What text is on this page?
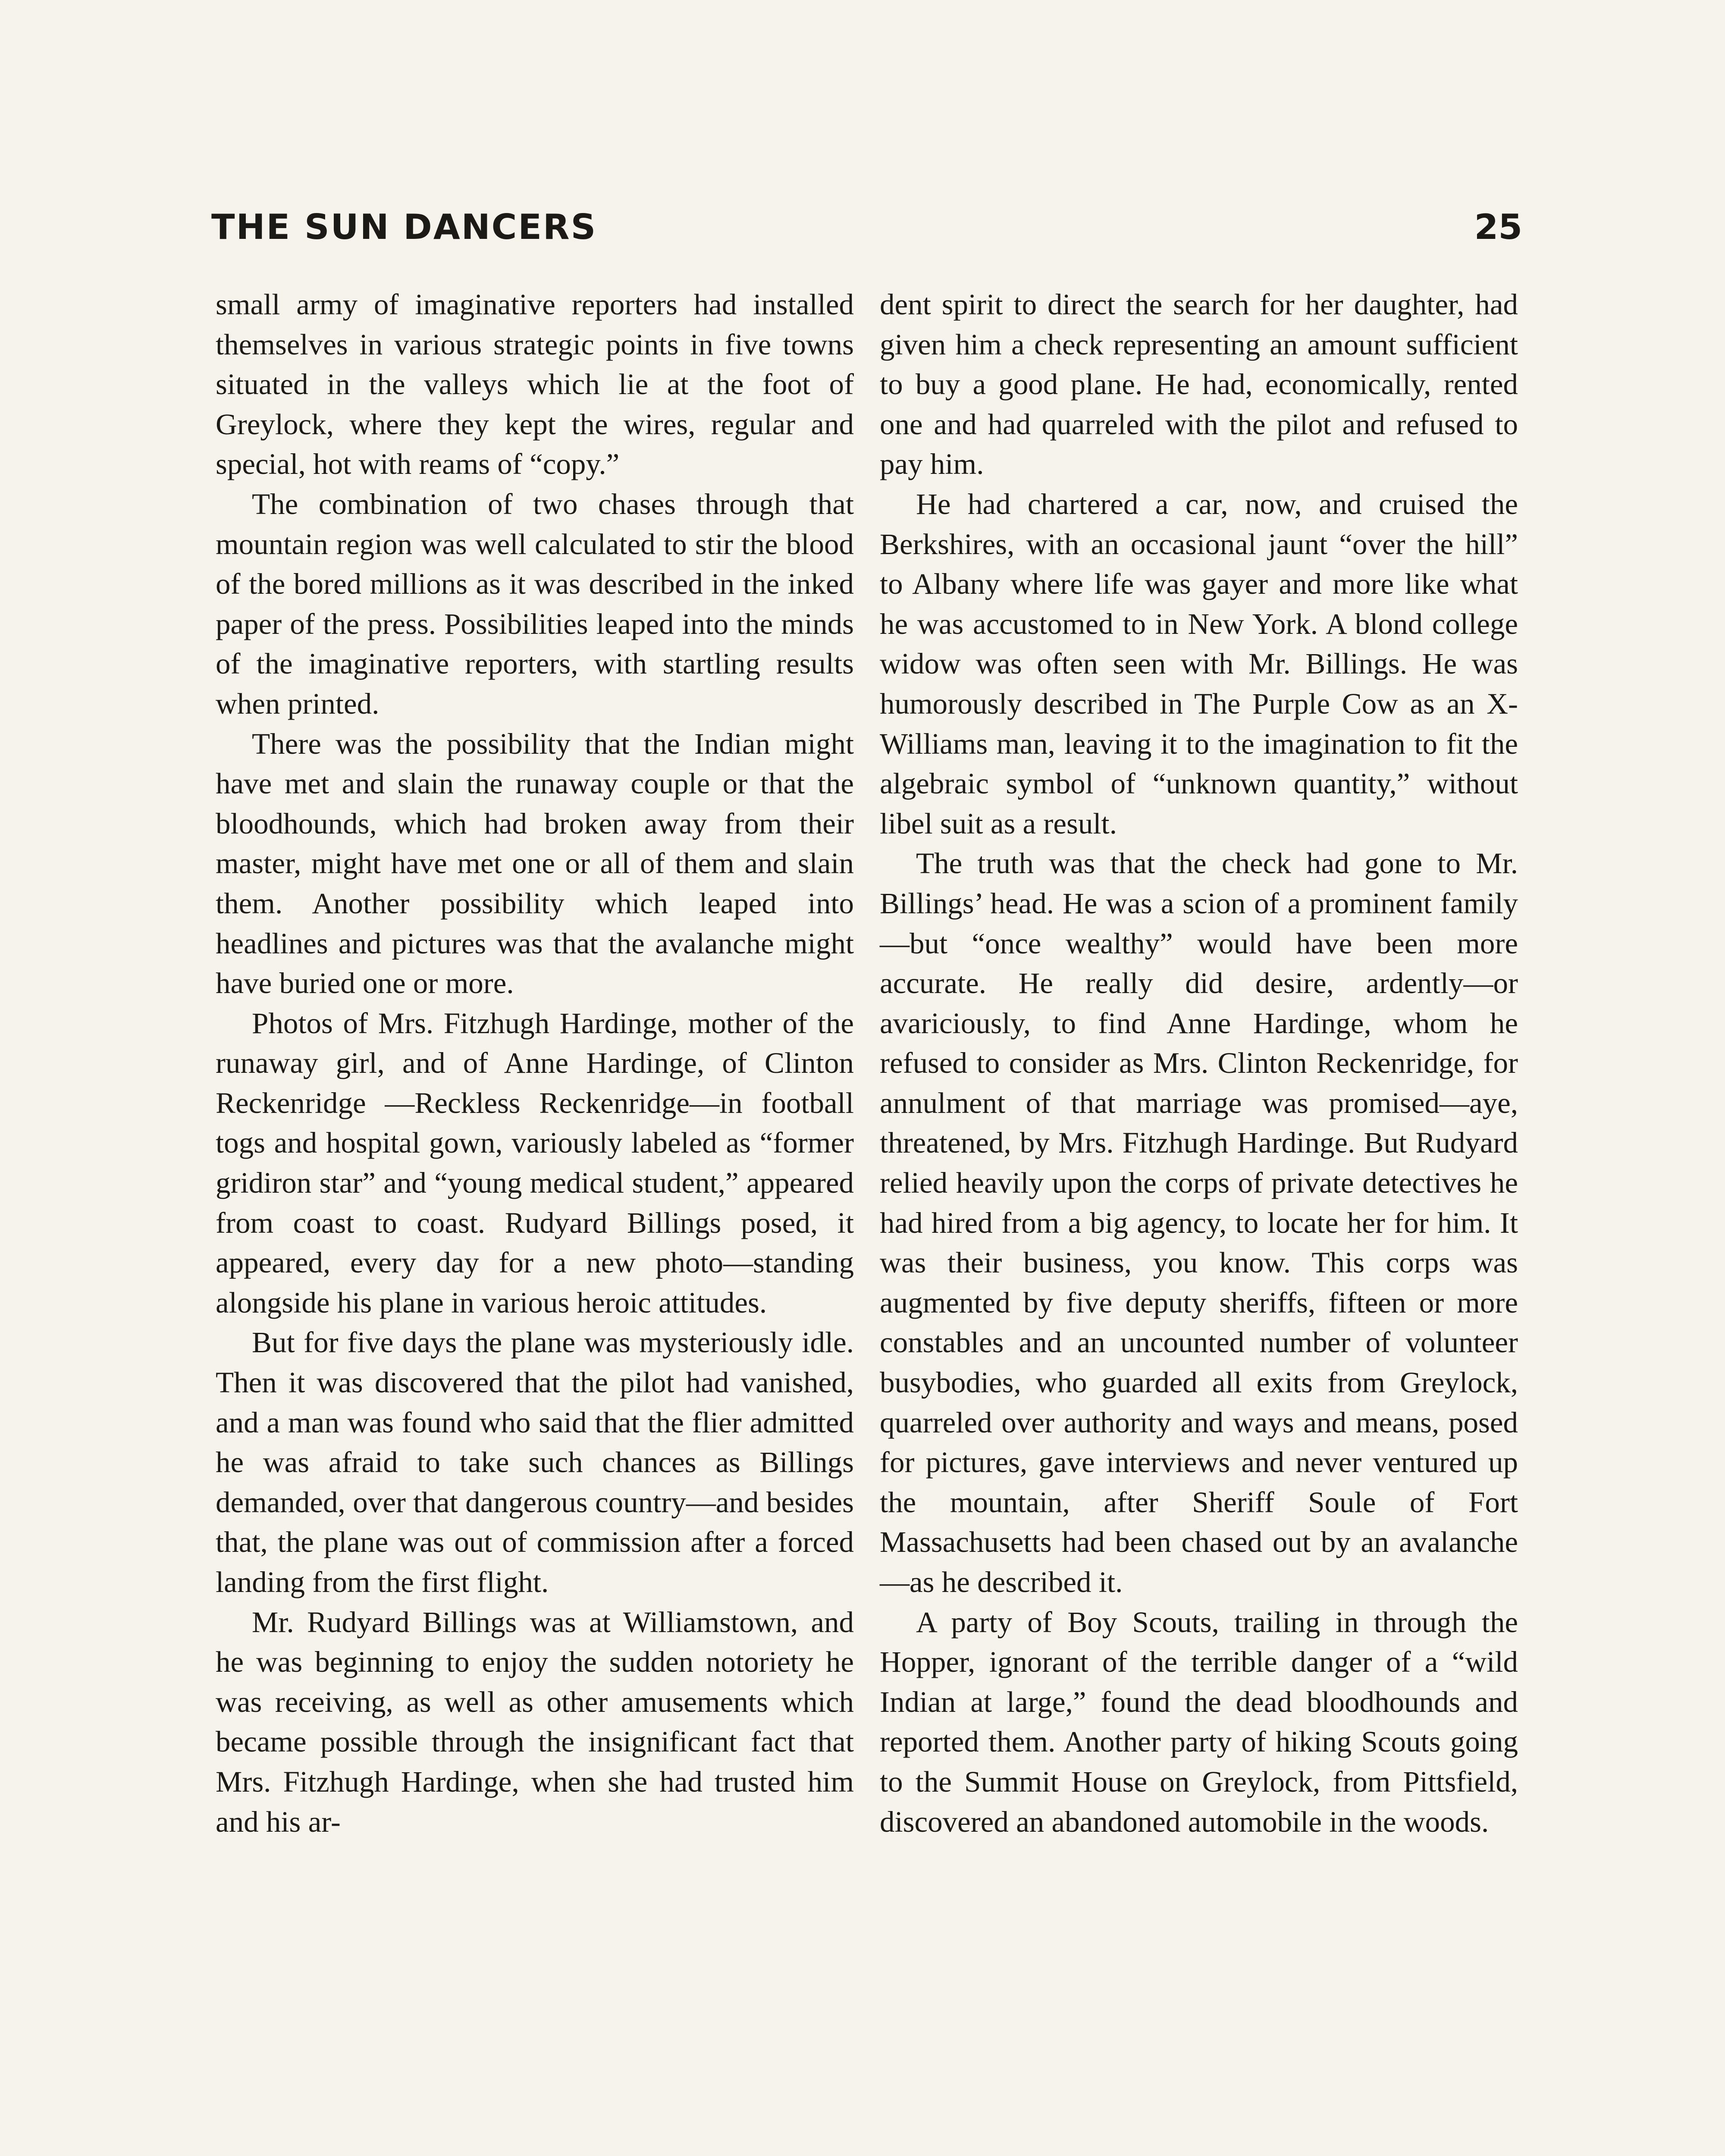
THE SUN DANCERS	25

small army of imaginative reporters had installed themselves in various strategic points in five towns situated in the valleys which lie at the foot of Greylock, where they kept the wires, regular and special, hot with reams of “copy.”

The combination of two chases through that mountain region was well calculated to stir the blood of the bored millions as it was described in the inked paper of the press. Possibilities leaped into the minds of the imaginative reporters, with startling results when printed.

There was the possibility that the Indian might have met and slain the runaway couple or that the bloodhounds, which had broken away from their master, might have met one or all of them and slain them. Another possibility which leaped into headlines and pictures was that the avalanche might have buried one or more.

Photos of Mrs. Fitzhugh Hardinge, mother of the runaway girl, and of Anne Hardinge, of Clinton Reckenridge —Reckless Reckenridge—in football togs and hospital gown, variously labeled as “former gridiron star” and “young medical student,” appeared from coast to coast. Rudyard Billings posed, it appeared, every day for a new photo—standing alongside his plane in various heroic attitudes.

But for five days the plane was mysteriously idle. Then it was discovered that the pilot had vanished, and a man was found who said that the flier admitted he was afraid to take such chances as Billings demanded, over that dangerous country—and besides that, the plane was out of commission after a forced landing from the first flight.

Mr. Rudyard Billings was at Williamstown, and he was beginning to enjoy the sudden notoriety he was receiving, as well as other amusements which became possible through the insignificant fact that Mrs. Fitzhugh Hardinge, when she had trusted him and his ar-

dent spirit to direct the search for her daughter, had given him a check representing an amount sufficient to buy a good plane. He had, economically, rented one and had quarreled with the pilot and refused to pay him.

He had chartered a car, now, and cruised the Berkshires, with an occasional jaunt “over the hill” to Albany where life was gayer and more like what he was accustomed to in New York. A blond college widow was often seen with Mr. Billings. He was humorously described in The Purple Cow as an X-Williams man, leaving it to the imagination to fit the algebraic symbol of “unknown quantity,” without libel suit as a result.

The truth was that the check had gone to Mr. Billings’ head. He was a scion of a prominent family—but “once wealthy” would have been more accurate. He really did desire, ardently—or avariciously, to find Anne Hardinge, whom he refused to consider as Mrs. Clinton Reckenridge, for annulment of that marriage was promised—aye, threatened, by Mrs. Fitzhugh Hardinge. But Rudyard relied heavily upon the corps of private detectives he had hired from a big agency, to locate her for him. It was their business, you know. This corps was augmented by five deputy sheriffs, fifteen or more constables and an uncounted number of volunteer busybodies, who guarded all exits from Greylock, quarreled over authority and ways and means, posed for pictures, gave interviews and never ventured up the mountain, after Sheriff Soule of Fort Massachusetts had been chased out by an avalanche—as he described it.

A party of Boy Scouts, trailing in through the Hopper, ignorant of the terrible danger of a “wild Indian at large,” found the dead bloodhounds and reported them. Another party of hiking Scouts going to the Summit House on Greylock, from Pittsfield, discovered an abandoned automobile in the woods.
